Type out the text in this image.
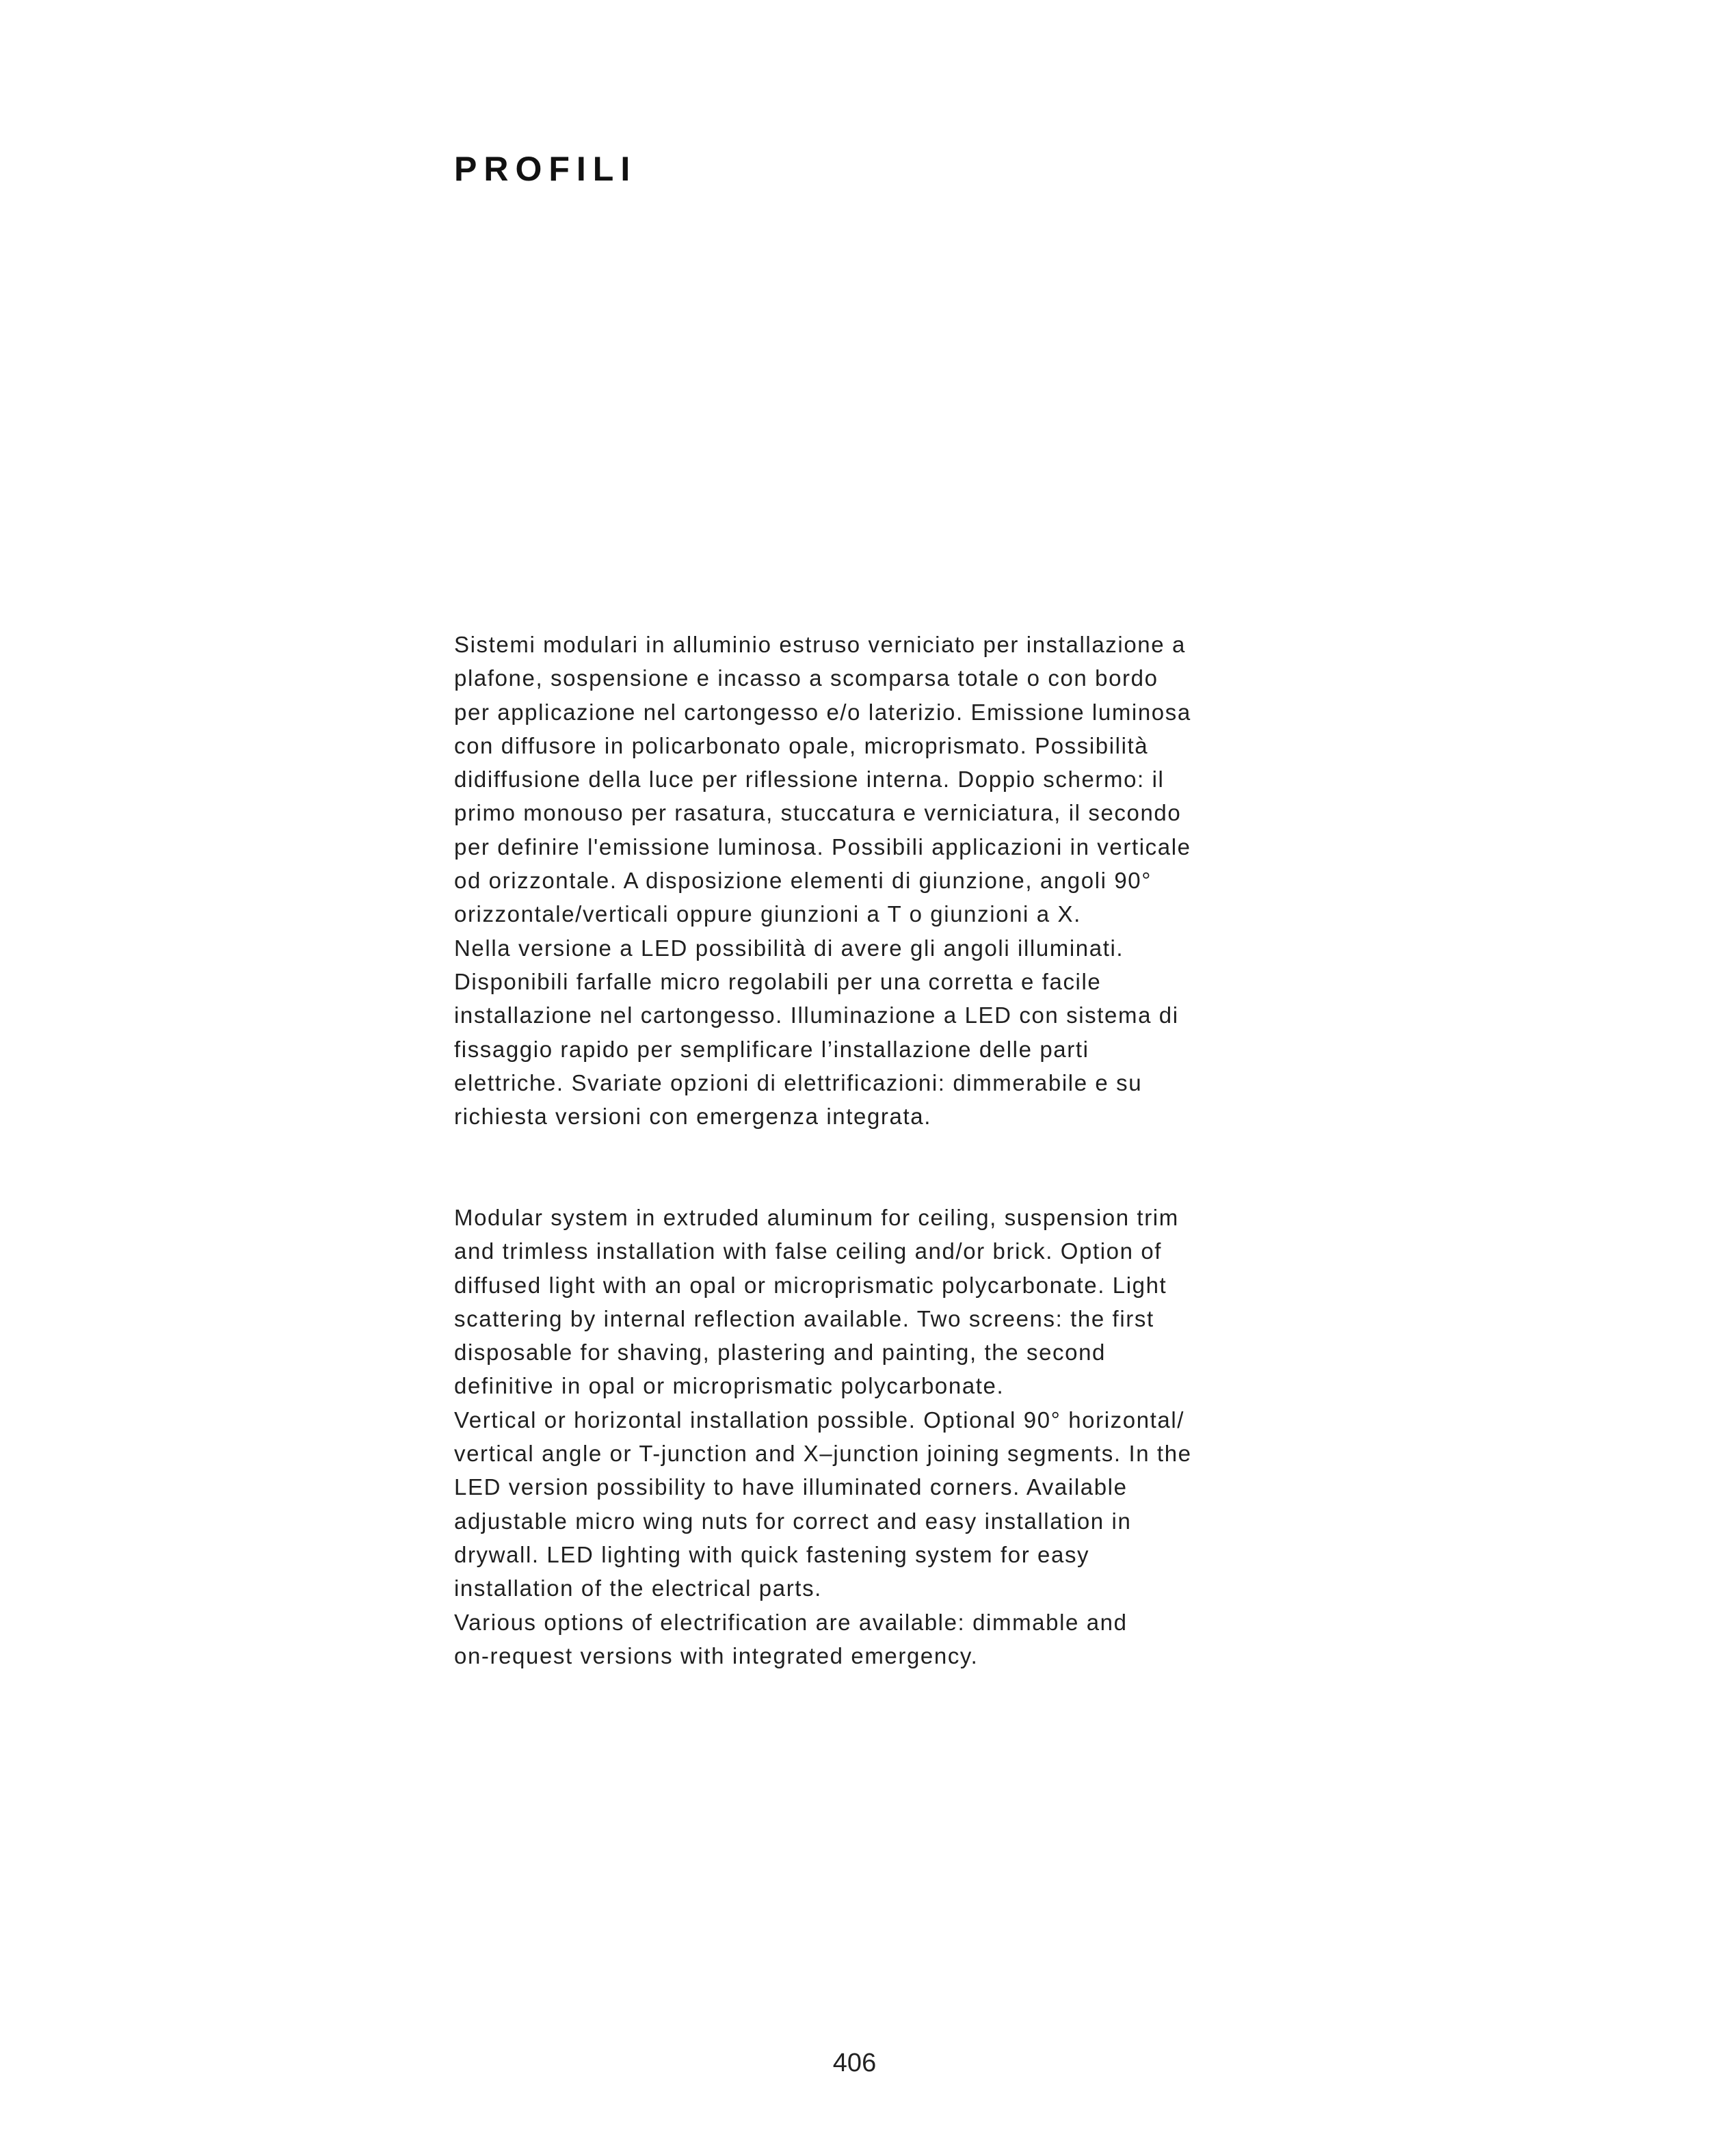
PROFILI
Sistemi modulari in alluminio estruso verniciato per installazione a
plafone, sospensione e incasso a scomparsa totale o con bordo
per applicazione nel cartongesso e/o laterizio. Emissione luminosa
con diffusore in policarbonato opale, microprismato. Possibilità
didiffusione della luce per riflessione interna. Doppio schermo: il
primo monouso per rasatura, stuccatura e verniciatura, il secondo
per definire l'emissione luminosa. Possibili applicazioni in verticale
od orizzontale. A disposizione elementi di giunzione, angoli 90°
orizzontale/verticali oppure giunzioni a T o giunzioni a X.
Nella versione a LED possibilità di avere gli angoli illuminati.
Disponibili farfalle micro regolabili per una corretta e facile
installazione nel cartongesso. Illuminazione a LED con sistema di
fissaggio rapido per semplificare l’installazione delle parti
elettriche. Svariate opzioni di elettrificazioni: dimmerabile e su
richiesta versioni con emergenza integrata.
Modular system in extruded aluminum for ceiling, suspension trim
and trimless installation with false ceiling and/or brick. Option of
diffused light with an opal or microprismatic polycarbonate. Light
scattering by internal reflection available. Two screens: the first
disposable for shaving, plastering and painting, the second
definitive in opal or microprismatic polycarbonate.
Vertical or horizontal installation possible. Optional 90° horizontal/
vertical angle or T-junction and X–junction joining segments. In the
LED version possibility to have illuminated corners. Available
adjustable micro wing nuts for correct and easy installation in
drywall. LED lighting with quick fastening system for easy
installation of the electrical parts.
Various options of electrification are available: dimmable and
on-request versions with integrated emergency.
406
